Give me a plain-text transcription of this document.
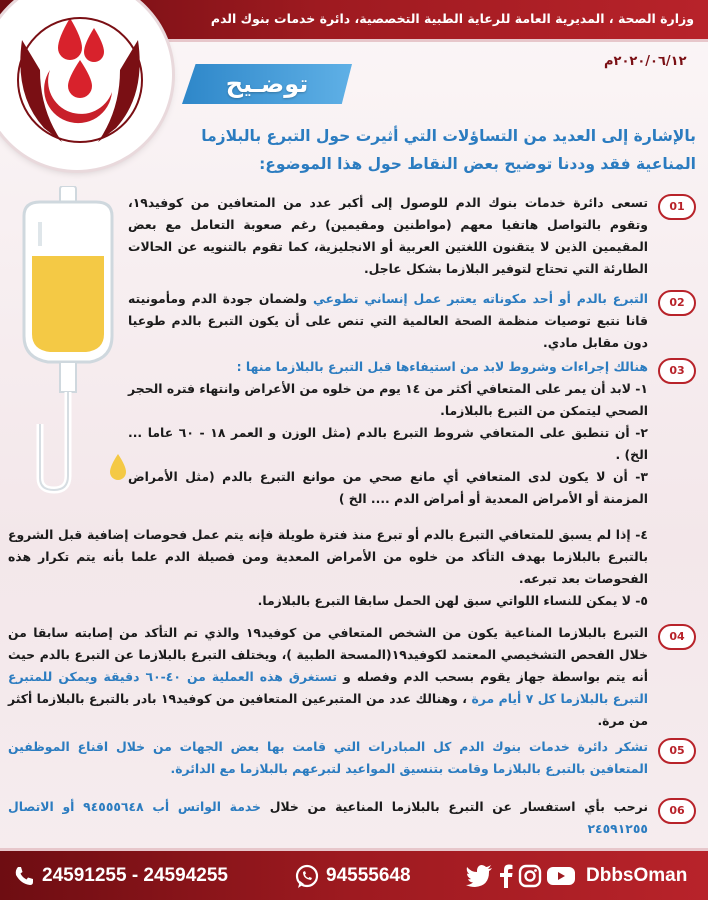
وزارة الصحة ، المديرية العامة للرعاية الطبية التخصصية، دائرة خدمات بنوك الدم
٢٠٢٠/٠٦/١٢م
توضـيح
بالإشارة إلى العديد من التساؤلات التي أثيرت حول التبرع بالبلازما المناعية فقد وددنا توضيح بعض النقاط حول هذا الموضوع:
01
تسعى دائرة خدمات بنوك الدم للوصول إلى أكبر عدد من المتعافين من كوفيد١٩، وتقوم بالتواصل هاتفيا معهم (مواطنين ومقيمين) رغم صعوبة التعامل مع بعض المقيمين الذين لا يتقنون اللغتين العربية أو الانجليزية، كما تقوم بالتنويه عن الحالات الطارئة التي تحتاج لتوفير البلازما بشكل عاجل.
02
التبرع بالدم أو أحد مكوناته يعتبر عمل إنساني تطوعي ولضمان جودة الدم ومأمونيته قانا نتبع توصيات منظمة الصحة العالمية التي تنص على أن يكون التبرع بالدم طوعيا دون مقابل مادي.
03
هنالك إجراءات وشروط لابد من استيفاءها قبل التبرع بالبلازما منها :
١- لابد أن يمر على المتعافي أكثر من ١٤ يوم من خلوه من الأعراض وانتهاء فتره الحجر الصحي ليتمكن من التبرع بالبلازما.
٢- أن تنطبق على المتعافي شروط التبرع بالدم (مثل الوزن و العمر ١٨ - ٦٠ عاما ... الخ) .
٣- أن لا يكون لدى المتعافي أي مانع صحي من موانع التبرع بالدم (مثل الأمراض المزمنة أو الأمراض المعدية أو أمراض الدم .... الخ )
٤- إذا لم يسبق للمتعافي التبرع بالدم أو تبرع منذ فترة طويلة فإنه يتم عمل فحوصات إضافية قبل الشروع بالتبرع بالبلازما بهدف التأكد من خلوه من الأمراض المعدية ومن فصيلة الدم علما بأنه يتم تكرار هذه الفحوصات بعد تبرعه.
٥- لا يمكن للنساء اللواتي سبق لهن الحمل سابقا التبرع بالبلازما.
04
التبرع بالبلازما المناعية يكون من الشخص المتعافي من كوفيد١٩ والذي تم التأكد من إصابته سابقا من خلال الفحص التشخيصي المعتمد لكوفيد١٩(المسحة الطبية )، ويختلف التبرع بالبلازما عن التبرع بالدم حيث أنه يتم بواسطة جهاز يقوم بسحب الدم وفصله و تستغرق هذه العملية من ٤٠-٦٠ دقيقة ويمكن للمتبرع التبرع بالبلازما كل ٧ أيام مرة ، وهنالك عدد من المتبرعين المتعافين من كوفيد١٩ بادر بالتبرع بالبلازما أكثر من مرة.
05
تشكر دائرة خدمات بنوك الدم كل المبادرات التي قامت بها بعض الجهات من خلال اقناع الموظفين المتعافين بالتبرع بالبلازما وقامت بتنسيق المواعيد لتبرعهم بالبلازما مع الدائرة.
06
نرحب بأي استفسار عن التبرع بالبلازما المناعية من خلال خدمة الواتس أب ٩٤٥٥٥٦٤٨ أو الاتصال ٢٤٥٩١٢٥٥
24591255 - 24594255	94555648	DbbsOman
